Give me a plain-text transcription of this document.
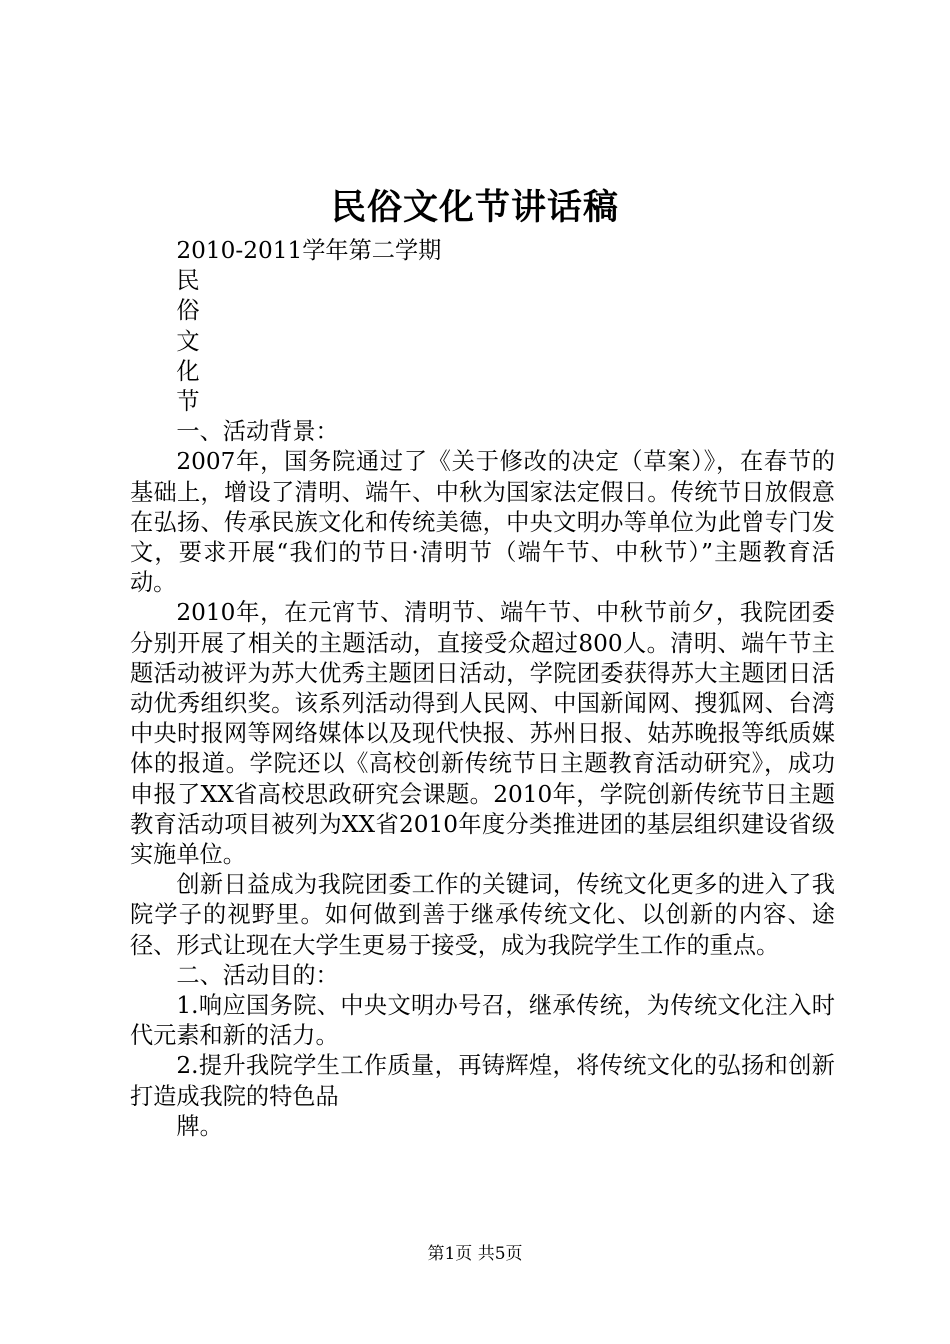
民俗文化节讲话稿

2010-2011学年第二学期

民
俗
文
化
节

一、活动背景：

2007年，国务院通过了《关于修改的决定（草案）》，在春节的基础上，增设了清明、端午、中秋为国家法定假日。传统节日放假意在弘扬、传承民族文化和传统美德，中央文明办等单位为此曾专门发文，要求开展“我们的节日·清明节（端午节、中秋节）”主题教育活动。

2010年，在元宵节、清明节、端午节、中秋节前夕，我院团委分别开展了相关的主题活动，直接受众超过800人。清明、端午节主题活动被评为苏大优秀主题团日活动，学院团委获得苏大主题团日活动优秀组织奖。该系列活动得到人民网、中国新闻网、搜狐网、台湾中央时报网等网络媒体以及现代快报、苏州日报、姑苏晚报等纸质媒体的报道。学院还以《高校创新传统节日主题教育活动研究》，成功申报了XX省高校思政研究会课题。2010年，学院创新传统节日主题教育活动项目被列为XX省2010年度分类推进团的基层组织建设省级实施单位。

创新日益成为我院团委工作的关键词，传统文化更多的进入了我院学子的视野里。如何做到善于继承传统文化、以创新的内容、途径、形式让现在大学生更易于接受，成为我院学生工作的重点。

二、活动目的：

1.响应国务院、中央文明办号召，继承传统，为传统文化注入时代元素和新的活力。

2.提升我院学生工作质量，再铸辉煌，将传统文化的弘扬和创新打造成我院的特色品

牌。

第1页 共5页
